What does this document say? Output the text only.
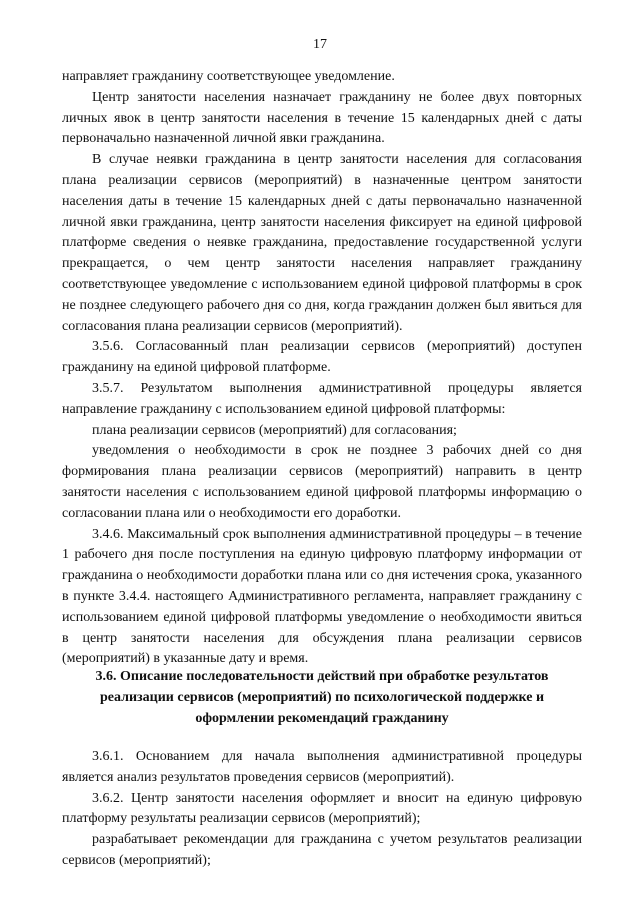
17

направляет гражданину соответствующее уведомление.

Центр занятости населения назначает гражданину не более двух повторных личных явок в центр занятости населения в течение 15 календарных дней с даты первоначально назначенной личной явки гражданина.

В случае неявки гражданина в центр занятости населения для согласования плана реализации сервисов (мероприятий) в назначенные центром занятости населения даты в течение 15 календарных дней с даты первоначально назначенной личной явки гражданина, центр занятости населения фиксирует на единой цифровой платформе сведения о неявке гражданина, предоставление государственной услуги прекращается, о чем центр занятости населения направляет гражданину соответствующее уведомление с использованием единой цифровой платформы в срок не позднее следующего рабочего дня со дня, когда гражданин должен был явиться для согласования плана реализации сервисов (мероприятий).

3.5.6. Согласованный план реализации сервисов (мероприятий) доступен гражданину на единой цифровой платформе.

3.5.7. Результатом выполнения административной процедуры является направление гражданину с использованием единой цифровой платформы:

плана реализации сервисов (мероприятий) для согласования;

уведомления о необходимости в срок не позднее 3 рабочих дней со дня формирования плана реализации сервисов (мероприятий) направить в центр занятости населения с использованием единой цифровой платформы информацию о согласовании плана или о необходимости его доработки.

3.4.6. Максимальный срок выполнения административной процедуры – в течение 1 рабочего дня после поступления на единую цифровую платформу информации от гражданина о необходимости доработки плана или со дня истечения срока, указанного в пункте 3.4.4. настоящего Административного регламента, направляет гражданину с использованием единой цифровой платформы уведомление о необходимости явиться в центр занятости населения для обсуждения плана реализации сервисов (мероприятий) в указанные дату и время.

3.6. Описание последовательности действий при обработке результатов реализации сервисов (мероприятий) по психологической поддержке и оформлении рекомендаций гражданину

3.6.1. Основанием для начала выполнения административной процедуры является анализ результатов проведения сервисов (мероприятий).

3.6.2. Центр занятости населения оформляет и вносит на единую цифровую платформу результаты реализации сервисов (мероприятий);

разрабатывает рекомендации для гражданина с учетом результатов реализации сервисов (мероприятий);
